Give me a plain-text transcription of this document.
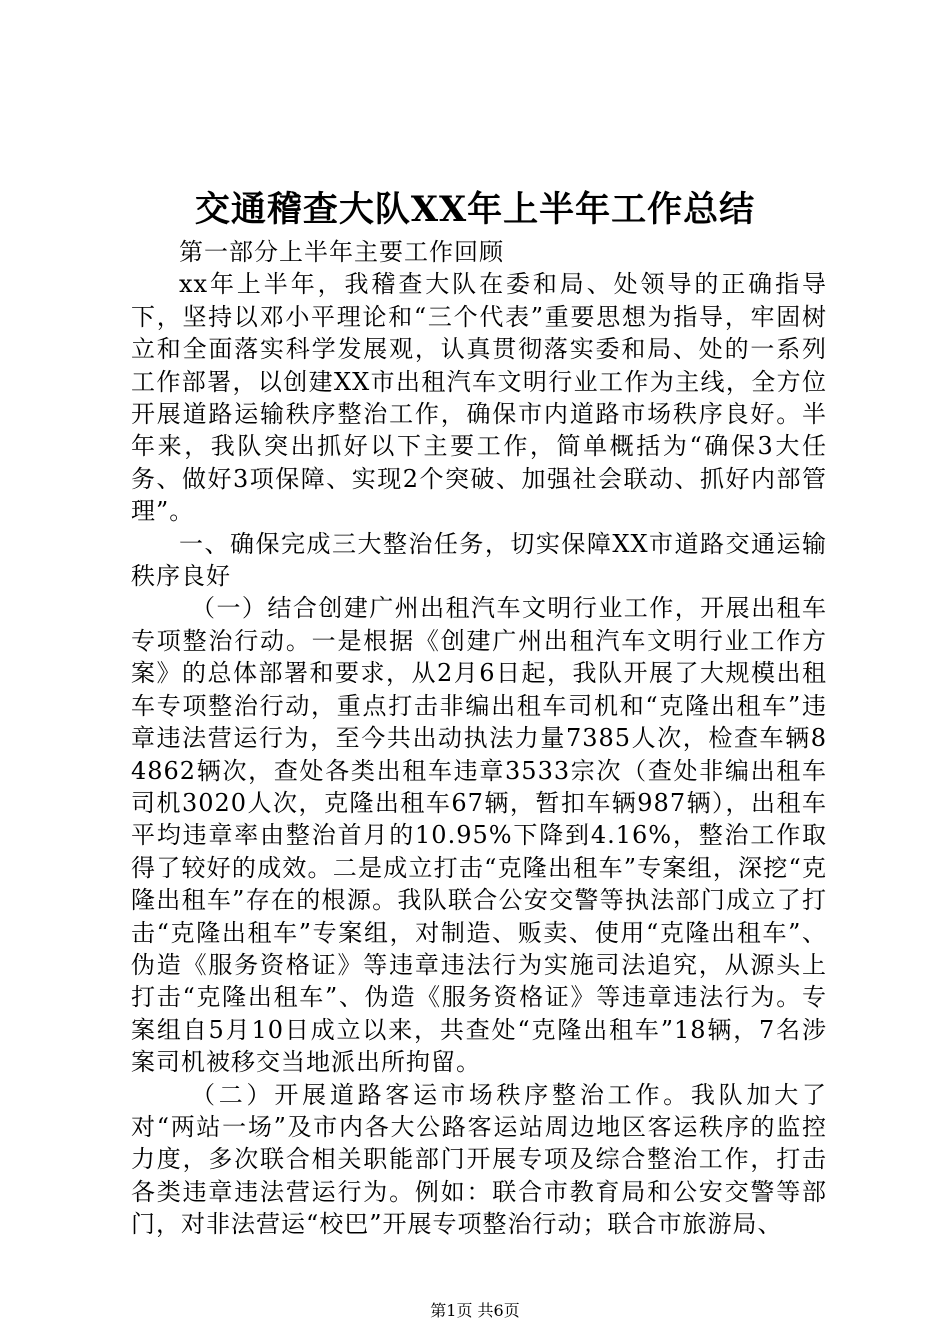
交通稽查大队XX年上半年工作总结

第一部分上半年主要工作回顾

xx年上半年，我稽查大队在委和局、处领导的正确指导下，坚持以邓小平理论和“三个代表”重要思想为指导，牢固树立和全面落实科学发展观，认真贯彻落实委和局、处的一系列工作部署，以创建XX市出租汽车文明行业工作为主线，全方位开展道路运输秩序整治工作，确保市内道路市场秩序良好。半年来，我队突出抓好以下主要工作，简单概括为“确保3大任务、做好3项保障、实现2个突破、加强社会联动、抓好内部管理”。

一、确保完成三大整治任务，切实保障XX市道路交通运输秩序良好

（一）结合创建广州出租汽车文明行业工作，开展出租车专项整治行动。一是根据《创建广州出租汽车文明行业工作方案》的总体部署和要求，从2月6日起，我队开展了大规模出租车专项整治行动，重点打击非编出租车司机和“克隆出租车”违章违法营运行为，至今共出动执法力量7385人次，检查车辆84862辆次，查处各类出租车违章3533宗次（查处非编出租车司机3020人次，克隆出租车67辆，暂扣车辆987辆），出租车平均违章率由整治首月的10.95%下降到4.16%，整治工作取得了较好的成效。二是成立打击“克隆出租车”专案组，深挖“克隆出租车”存在的根源。我队联合公安交警等执法部门成立了打击“克隆出租车”专案组，对制造、贩卖、使用“克隆出租车”、伪造《服务资格证》等违章违法行为实施司法追究，从源头上打击“克隆出租车”、伪造《服务资格证》等违章违法行为。专案组自5月10日成立以来，共查处“克隆出租车”18辆，7名涉案司机被移交当地派出所拘留。

（二）开展道路客运市场秩序整治工作。我队加大了对“两站一场”及市内各大公路客运站周边地区客运秩序的监控力度，多次联合相关职能部门开展专项及综合整治工作，打击各类违章违法营运行为。例如：联合市教育局和公安交警等部门，对非法营运“校巴”开展专项整治行动；联合市旅游局、

第1页 共6页
